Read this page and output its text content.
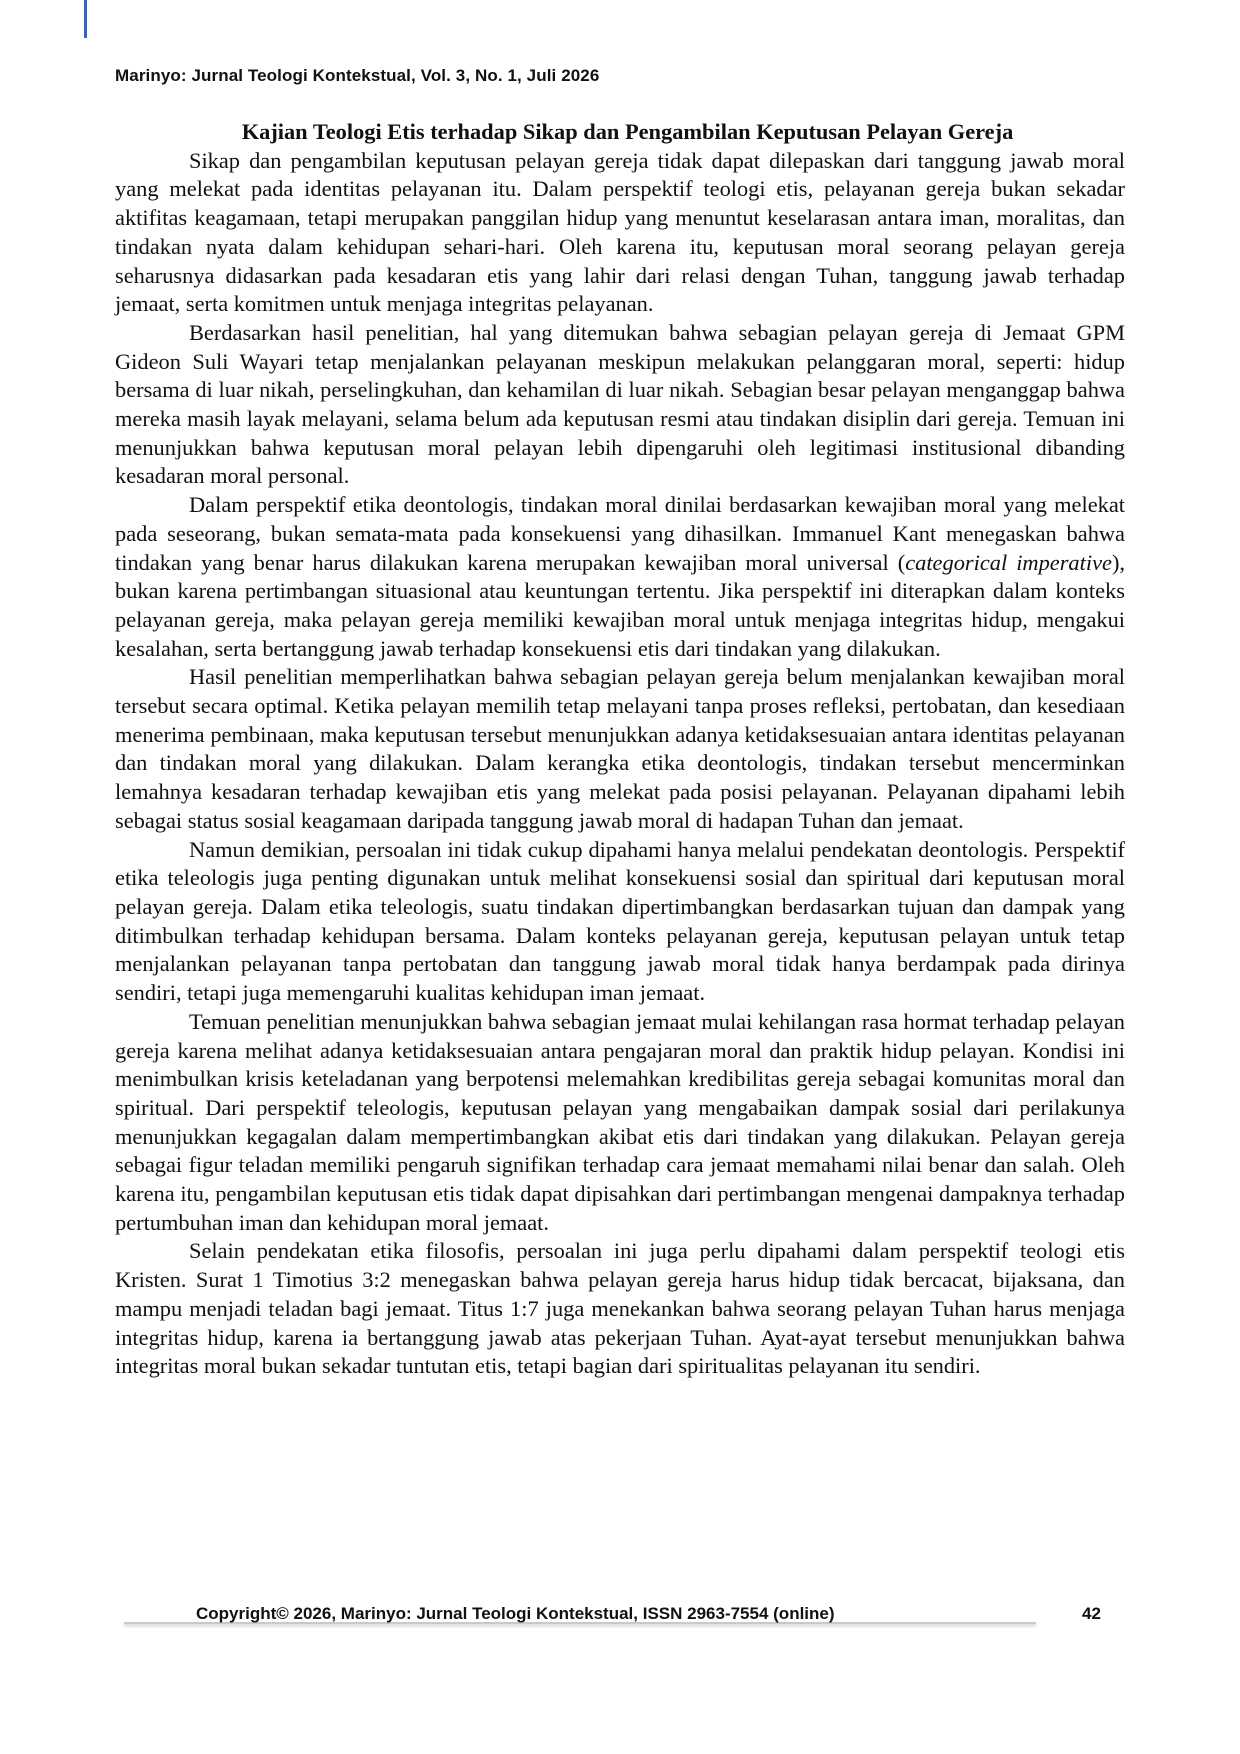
Marinyo: Jurnal Teologi Kontekstual, Vol. 3, No. 1, Juli 2026

Kajian Teologi Etis terhadap Sikap dan Pengambilan Keputusan Pelayan Gereja

Sikap dan pengambilan keputusan pelayan gereja tidak dapat dilepaskan dari tanggung jawab moral yang melekat pada identitas pelayanan itu. Dalam perspektif teologi etis, pelayanan gereja bukan sekadar aktifitas keagamaan, tetapi merupakan panggilan hidup yang menuntut keselarasan antara iman, moralitas, dan tindakan nyata dalam kehidupan sehari-hari. Oleh karena itu, keputusan moral seorang pelayan gereja seharusnya didasarkan pada kesadaran etis yang lahir dari relasi dengan Tuhan, tanggung jawab terhadap jemaat, serta komitmen untuk menjaga integritas pelayanan.

Berdasarkan hasil penelitian, hal yang ditemukan bahwa sebagian pelayan gereja di Jemaat GPM Gideon Suli Wayari tetap menjalankan pelayanan meskipun melakukan pelanggaran moral, seperti: hidup bersama di luar nikah, perselingkuhan, dan kehamilan di luar nikah. Sebagian besar pelayan menganggap bahwa mereka masih layak melayani, selama belum ada keputusan resmi atau tindakan disiplin dari gereja. Temuan ini menunjukkan bahwa keputusan moral pelayan lebih dipengaruhi oleh legitimasi institusional dibanding kesadaran moral personal.

Dalam perspektif etika deontologis, tindakan moral dinilai berdasarkan kewajiban moral yang melekat pada seseorang, bukan semata-mata pada konsekuensi yang dihasilkan. Immanuel Kant menegaskan bahwa tindakan yang benar harus dilakukan karena merupakan kewajiban moral universal (categorical imperative), bukan karena pertimbangan situasional atau keuntungan tertentu. Jika perspektif ini diterapkan dalam konteks pelayanan gereja, maka pelayan gereja memiliki kewajiban moral untuk menjaga integritas hidup, mengakui kesalahan, serta bertanggung jawab terhadap konsekuensi etis dari tindakan yang dilakukan.

Hasil penelitian memperlihatkan bahwa sebagian pelayan gereja belum menjalankan kewajiban moral tersebut secara optimal. Ketika pelayan memilih tetap melayani tanpa proses refleksi, pertobatan, dan kesediaan menerima pembinaan, maka keputusan tersebut menunjukkan adanya ketidaksesuaian antara identitas pelayanan dan tindakan moral yang dilakukan. Dalam kerangka etika deontologis, tindakan tersebut mencerminkan lemahnya kesadaran terhadap kewajiban etis yang melekat pada posisi pelayanan. Pelayanan dipahami lebih sebagai status sosial keagamaan daripada tanggung jawab moral di hadapan Tuhan dan jemaat.

Namun demikian, persoalan ini tidak cukup dipahami hanya melalui pendekatan deontologis. Perspektif etika teleologis juga penting digunakan untuk melihat konsekuensi sosial dan spiritual dari keputusan moral pelayan gereja. Dalam etika teleologis, suatu tindakan dipertimbangkan berdasarkan tujuan dan dampak yang ditimbulkan terhadap kehidupan bersama. Dalam konteks pelayanan gereja, keputusan pelayan untuk tetap menjalankan pelayanan tanpa pertobatan dan tanggung jawab moral tidak hanya berdampak pada dirinya sendiri, tetapi juga memengaruhi kualitas kehidupan iman jemaat.

Temuan penelitian menunjukkan bahwa sebagian jemaat mulai kehilangan rasa hormat terhadap pelayan gereja karena melihat adanya ketidaksesuaian antara pengajaran moral dan praktik hidup pelayan. Kondisi ini menimbulkan krisis keteladanan yang berpotensi melemahkan kredibilitas gereja sebagai komunitas moral dan spiritual. Dari perspektif teleologis, keputusan pelayan yang mengabaikan dampak sosial dari perilakunya menunjukkan kegagalan dalam mempertimbangkan akibat etis dari tindakan yang dilakukan. Pelayan gereja sebagai figur teladan memiliki pengaruh signifikan terhadap cara jemaat memahami nilai benar dan salah. Oleh karena itu, pengambilan keputusan etis tidak dapat dipisahkan dari pertimbangan mengenai dampaknya terhadap pertumbuhan iman dan kehidupan moral jemaat.

Selain pendekatan etika filosofis, persoalan ini juga perlu dipahami dalam perspektif teologi etis Kristen. Surat 1 Timotius 3:2 menegaskan bahwa pelayan gereja harus hidup tidak bercacat, bijaksana, dan mampu menjadi teladan bagi jemaat. Titus 1:7 juga menekankan bahwa seorang pelayan Tuhan harus menjaga integritas hidup, karena ia bertanggung jawab atas pekerjaan Tuhan. Ayat-ayat tersebut menunjukkan bahwa integritas moral bukan sekadar tuntutan etis, tetapi bagian dari spiritualitas pelayanan itu sendiri.

Copyright© 2026, Marinyo: Jurnal Teologi Kontekstual, ISSN 2963-7554 (online)	42
